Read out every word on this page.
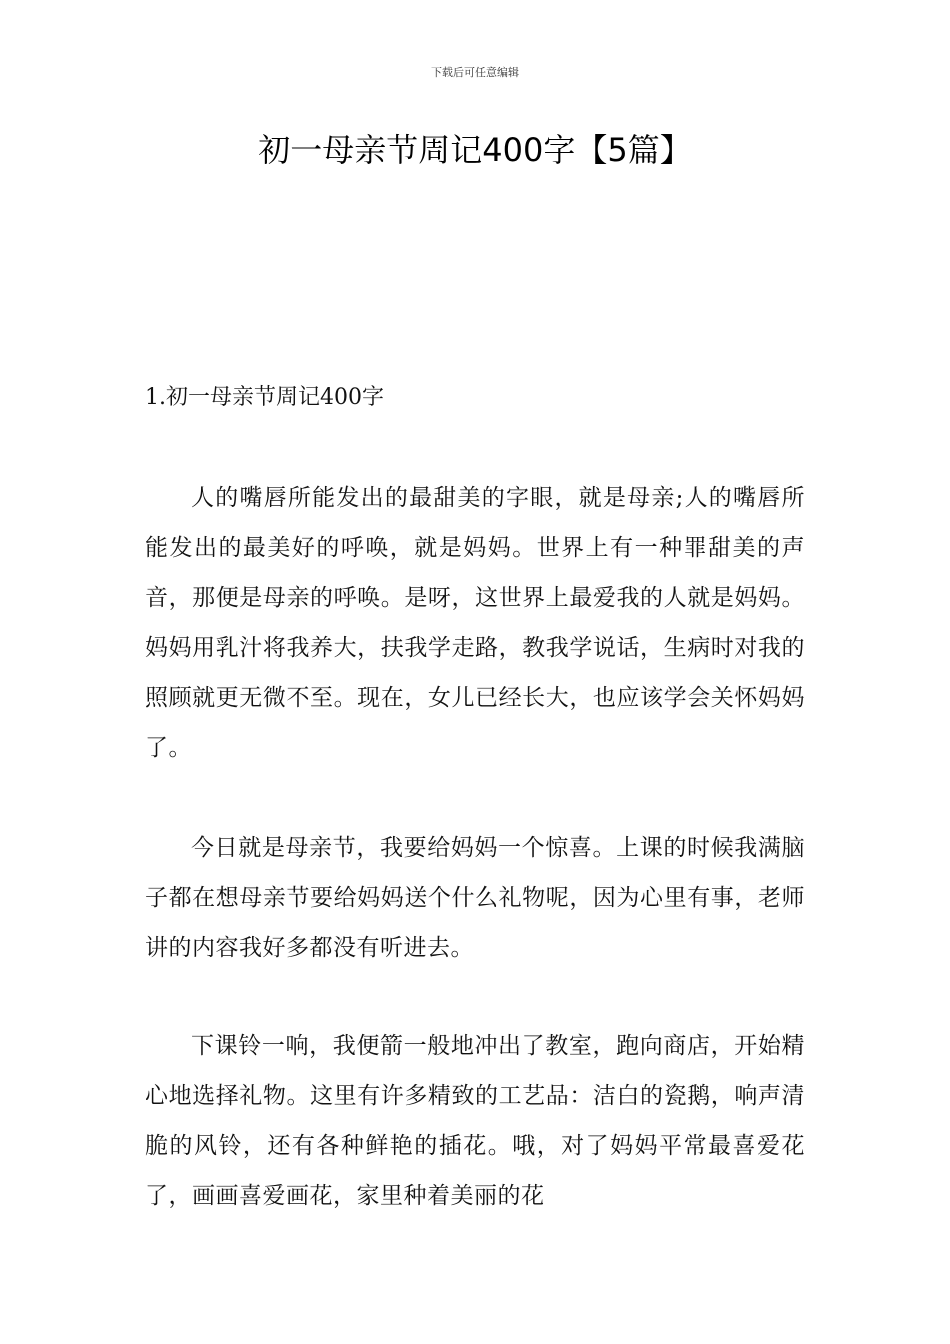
下载后可任意编辑
初一母亲节周记400字【5篇】
1.初一母亲节周记400字

人的嘴唇所能发出的最甜美的字眼，就是母亲;人的嘴唇所能发出的最美好的呼唤，就是妈妈。世界上有一种罪甜美的声音，那便是母亲的呼唤。是呀，这世界上最爱我的人就是妈妈。妈妈用乳汁将我养大，扶我学走路，教我学说话，生病时对我的照顾就更无微不至。现在，女儿已经长大，也应该学会关怀妈妈了。

今日就是母亲节，我要给妈妈一个惊喜。上课的时候我满脑子都在想母亲节要给妈妈送个什么礼物呢，因为心里有事，老师讲的内容我好多都没有听进去。

下课铃一响，我便箭一般地冲出了教室，跑向商店，开始精心地选择礼物。这里有许多精致的工艺品：洁白的瓷鹅，响声清脆的风铃，还有各种鲜艳的插花。哦，对了妈妈平常最喜爱花了，画画喜爱画花，家里种着美丽的花
